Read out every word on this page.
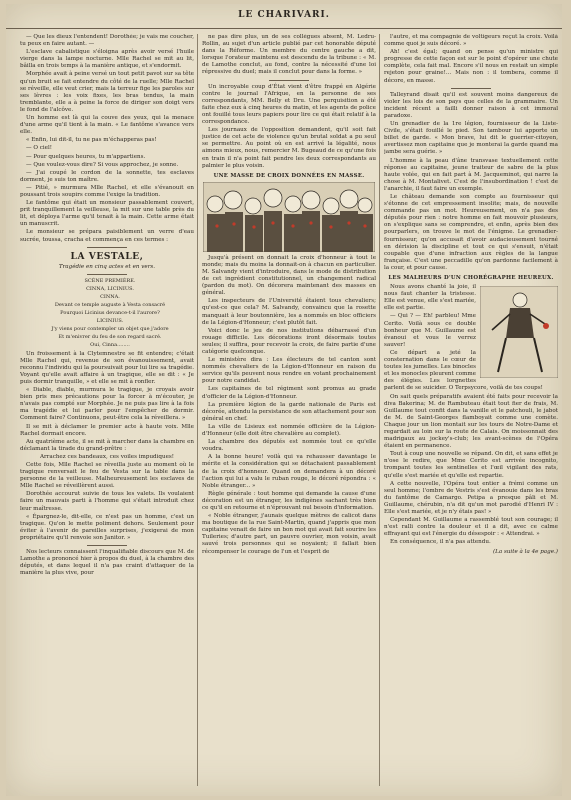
LE CHARIVARI.

— Que les dieux l'entendent! Dorothée; je vais me coucher, tu peux en faire autant. —

L'esclave cabalistique s'éloigna après avoir versé l'huile vierge dans la lampe nocturne. Mlle Rachel se mit au lit, bâilla en trois temps à la manière antique, et s'endormit.

Morphée avait à peine versé un tout petit pavot sur sa tête qu'un bruit se fait entendre du côté de la ruelle; Mlle Rachel se réveille, elle veut crier, mais la terreur fige les paroles sur ses lèvres : les voix fixes, les bras tendus, la main tremblante, elle a à peine la force de diriger son doigt vers le fond de l'alcôve.

Un homme est là qui la couve des yeux, qui la menace d'une arme qu'il tient à la main. « Le fantôme s'avance vers elle.

« Enfin, lui dit-il, tu ne pas m'échapperas pas!

— O ciel!

— Pour quelques heures, tu m'appartiens.

— Que voulez-vous dire? Si vous approchez, je sonne.

— J'ai coupé le cordon de la sonnette, tes esclaves dorment, je suis ton maître.

— Pitié, » murmura Mlle Rachel, et elle s'évanouit en poussant trois soupirs comme l'exige la tradition.

Le fantôme qui était un monsieur passablement couvert, prit tranquillement la veilleuse, la mit sur une table près du lit, et déploya l'arme qu'il tenait à la main. Cette arme était un manuscrit.

Le monsieur se prépara paisiblement un verre d'eau sucrée, toussa, cracha et commença en ces termes :

LA VESTALE,
Tragédie en cinq actes et en vers.

SCÈNE PREMIÈRE.

CINNA, LICINIUS.

CINNA.

Devant ce temple auguste à Vesta consacré

Pourquoi Licinius devance-t-il l'aurore?

LICINIUS.

J'y viens pour contempler un objet que j'adore

Et m'enivrer du feu de son regard sacré.

Oui, Cinna........

Un froissement à la Clytemnestre se fit entendre; c'était Mlle Rachel qui, revenue de son évanouissement, avait reconnu l'individu qui la poursuivait pour lui lire sa tragédie. Voyant qu'elle avait affaire à un tragique, elle se dit : « Je puis dormir tranquille, » et elle se mit à ronfler.

« Diable, diable, murmura le tragique, je croyais avoir bien pris mes précautions pour la forcer à m'écouter, je n'avais pas compté sur Morphée. Je ne puis pas lire à la fois ma tragédie et lui parler pour l'empêcher de dormir. Comment faire? Continuons, peut-être cela la réveillera. »

Il se mit à déclamer le premier acte à haute voix. Mlle Rachel dormait encore.

Au quatrième acte, il se mit à marcher dans la chambre en déclamant la tirade du grand-prêtre :

Arrachez ces bandeaux, ces voiles impudiques!

Cette fois, Mlle Rachel se réveilla juste au moment où le tragique renversait le feu de Vesta sur la table dans la personne de la veilleuse. Malheureusement les esclaves de Mlle Rachel se réveillèrent aussi.

Dorothée accourut suivie de tous les valets. Ils voulaient faire un mauvais parti à l'homme qui s'était introduit chez leur maîtresse.

« Épargnez-le, dit-elle, ce n'est pas un homme, c'est un tragique. Qu'on le mette poliment dehors. Seulement pour éviter à l'avenir de pareilles surprises, j'exigerai de mon propriétaire qu'il renvoie son Janitor. »

Nos lecteurs connaissent l'inqualifiable discours que M. de Lamothe a prononcé hier à propos du duel, à la chambre des députés, et dans lequel il n'a pas craint d'attaquer de la manière la plus vive, pour

ne pas dire plus, un de ses collègues absent, M. Ledru-Rollin, au sujet d'un article publié par cet honorable député dans la Réforme. Un membre du centre gauche a dit, lorsque l'orateur maintenu est descendu de la tribune : « M. de Lamothe conclut, au fond, contre la nécessité d'une loi répressive du duel; mais il conclut pour dans la forme. »

Un incroyable coup d'État vient d'être frappé en Algérie contre le journal l'Afrique, en la personne de ses correspondants, MM. Belly et Dru. Une perquisition a été faite chez eux à cinq heures du matin, et les agents de police ont fouillé tous leurs papiers pour lire ce qui était relatif à la correspondance.

Les journaux de l'opposition demandent, qu'il soit fait justice de cet acte de violence qu'un brutal soldat a pu seul se permettre. Au point où en est arrivé la légalité, nous aimons mieux, nous, remercier M. Bugeaud de ce qu'une fois en train il n'a point fait pendre les deux correspondants au palmier le plus voisin.

UNE MASSE DE CROIX DONNÉES EN MASSE.

Jusqu'à présent on donnait la croix d'honneur à tout le monde; mais du moins la donnait-on à chacun en particulier. M. Salvandy vient d'introduire, dans le mode de distribution de cet ingrédient constitutionnel, un changement radical (pardon du mot). On décorera maintenant des masses en général.

Les inspecteurs de l'Université étaient tous chevaliers; qu'est-ce que cela? M. Salvandy, convaincu que la rosette manquait à leur boutonnière, les a nommés en bloc officiers de la Légion-d'Honneur; c'est plutôt fait.

Voici donc le jeu de nos institutions débarrassé d'un rouage difficile. Les décorations iront désormais toutes seules; il suffira, pour recevoir la croix, de faire partie d'une catégorie quelconque.

Le ministère dira : Les électeurs de tel canton sont nommés chevaliers de la Légion-d'Honneur en raison du service qu'ils peuvent nous rendre en votant prochainement pour notre candidat.

Les capitaines de tel régiment sont promus au grade d'officier de la Légion-d'Honneur.

La première légion de la garde nationale de Paris est décorée, attendu la persistance de son attachement pour son général en chef.

La ville de Lisieux est nommée officière de la Légion-d'Honneur (elle doit être chevalière au complet).

La chambre des députés est nommée tout ce qu'elle voudra.

A la bonne heure! voilà qui va rehausser davantage le mérite et la considération qui se détachaient passablement de la croix d'honneur. Quand on demandera à un décoré l'action qui lui a valu le ruban rouge, le décoré répondra : « Noble étranger... »

Règle générale : tout homme qui demande la cause d'une décoration est un étranger, les indigènes sachant très bien ce qu'il en retourne et n'éprouvant nul besoin d'information.

« Noble étranger, j'aunais quelque mètres de calicot dans ma boutique de la rue Saint-Martin, quand j'appris que mon capitaine venait de faire un bon mot qui avait fait sourire les Tuileries; d'autre part, un pauvre ouvrier, mon voisin, avait sauvé trois personnes qui se noyaient; il fallait bien récompenser le courage de l'un et l'esprit de

l'autre, et ma compagnie de voltigeurs reçut la croix. Voilà comme quoi je suis décoré. »

Ah! c'est égal; quand on pense qu'un ministre qui progresse de cette façon est sur le point d'opérer une chute complète, cela fait mal. Encore s'il nous en restait un simple rejeton pour graine!... Mais non : il tombera, comme il décore, en masse.

Talleyrand disait qu'il est souvent moins dangereux de violer les lois de son pays que celles de la grammaire. Un incident récent a failli donner raison à cet immoral paradoxe.

Un grenadier de la 1re légion, fournisseur de la Liste-Civile, s'était fouillé le pied. Son tambour lui apporte un billet de garde. « Mon brave, lui dit le guerrier-citoyen, avertissez mon capitaine que je monterai la garde quand ma jambe sera guérie. »

L'homme à la peau d'âne transvase textuellement cette réponse au capitaine, jeune traiteur de sabre de la plus haute volée, qui en fait part à M. Jacqueminot, qui narre la chose à M. Montalivet. C'est de l'insubordination ! c'est de l'anarchie, il faut faire un exemple.

Le château demande son compte au fournisseur qui s'étonne de cet empressement insolite; mais, de nouvelle commande pas un mot. Heureusement, on n'a pas des députés pour rien : notre homme en fait mouvoir plusieurs, on s'explique sans se comprendre, et enfin, après bien des pourparlers, on trouve le mot de l'énigme. Le grenadier-fournisseur, qu'on accusait d'avoir audacieusement tourné en dérision la discipline et tout ce qui s'ensuit, n'était coupable que d'une infraction aux règles de la langue française. C'est une peccadille qu'on pardonne facilement à la cour, et pour cause.

LES MALHEURS D'UN CHORÉGRAPHE HEUREUX.

Nous avons chanté la joie, il nous faut chanter la tristesse. Elle est venue, elle s'est mariée, elle est partie.

— Qui ? — Eh! parbleu! Mme Cerito. Voilà sous ce double bonheur que M. Guillaume est évanoui et vous le verrez sauver!

Ce départ a jeté la consternation dans le cœur de toutes les jumelles. Les binocles et les monocles pleurent comme des élégies. Les lorgnettes parlent de se suicider. O Terpsycore, voilà de tes coups!

On sait quels préparatifs avaient été faits pour recevoir la diva Bakerina; M. de Rambuteau était tout fier de frais, M. Guillaume tout confit dans la vanille et le patchouli, le jabot de M. de Saint-Georges flamboyait comme une comète. Chaque jour un lion montait sur les tours de Notre-Dame et regardait au loin sur la route de Calais. On moissonnait des madrigaux au jockey's-club; les avant-scènes de l'Opéra étaient en permanence.

Tout à coup une nouvelle se répand. On dit, et sans effet je n'ose le redire, que Mme Cerito est arrivée incognito, trompant toutes les sentinelles et l'œil vigilant des rats, qu'elle s'est mariée et qu'elle est repartie.

A cette nouvelle, l'Opéra tout entier a frémi comme un seul homme; l'ombre de Vestris s'est évanouie dans les bras du fantôme de Camargo. Petipa a presque pâli et M. Guillaume, chérubin, n'a dit qu'un mot parodié d'Henri IV : Elle s'est mariée, et je n'y étais pas! »

Cependant M. Guillaume a rassemblé tout son courage; il n'est ralli contre la douleur et il a dit, avec ce calme effrayant qui est l'énergie du désespoir : « Attendrai. »

En conséquence, il n'a pas attendu.

(La suite à la 4e page.)
